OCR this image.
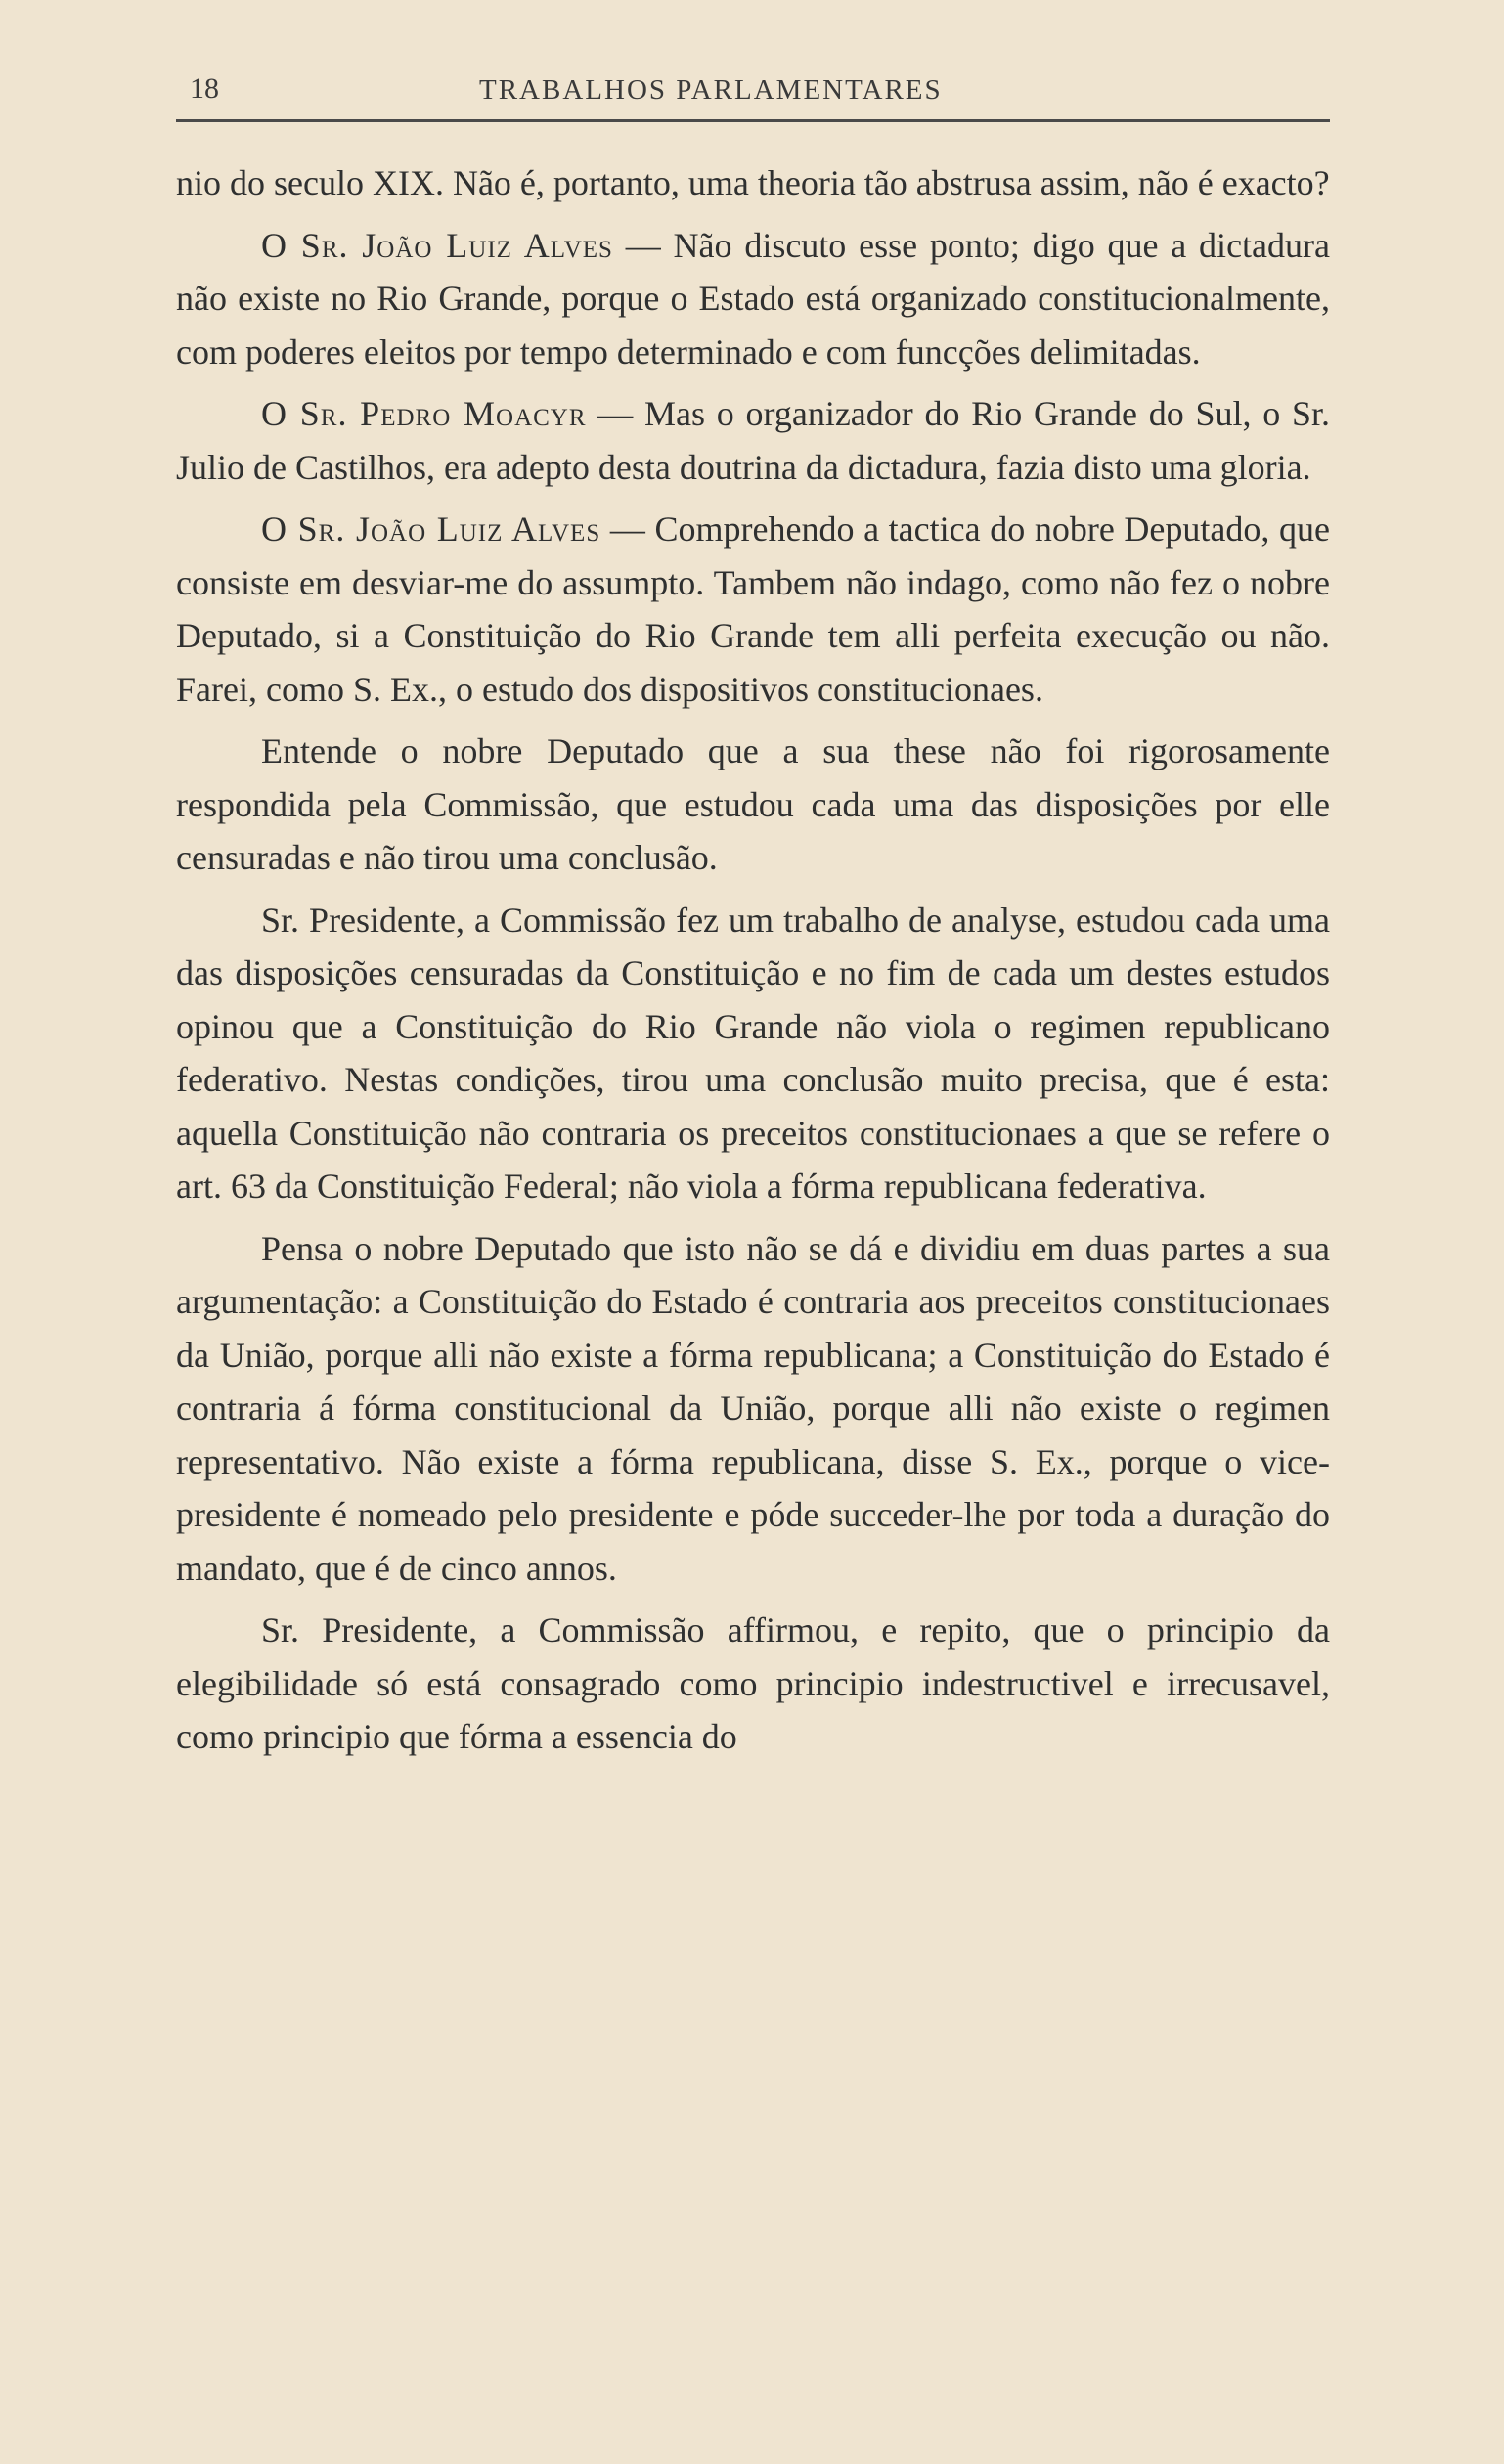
18	TRABALHOS PARLAMENTARES

nio do seculo XIX. Não é, portanto, uma theoria tão abstrusa assim, não é exacto?

O Sr. João Luiz Alves — Não discuto esse ponto; digo que a dictadura não existe no Rio Grande, porque o Estado está organizado constitucionalmente, com poderes eleitos por tempo determinado e com funcções delimitadas.

O Sr. Pedro Moacyr — Mas o organizador do Rio Grande do Sul, o Sr. Julio de Castilhos, era adepto desta doutrina da dictadura, fazia disto uma gloria.

O Sr. João Luiz Alves — Comprehendo a tactica do nobre Deputado, que consiste em desviar-me do assumpto. Tambem não indago, como não fez o nobre Deputado, si a Constituição do Rio Grande tem alli perfeita execução ou não. Farei, como S. Ex., o estudo dos dispositivos constitucionaes.

Entende o nobre Deputado que a sua these não foi rigorosamente respondida pela Commissão, que estudou cada uma das disposições por elle censuradas e não tirou uma conclusão.

Sr. Presidente, a Commissão fez um trabalho de analyse, estudou cada uma das disposições censuradas da Constituição e no fim de cada um destes estudos opinou que a Constituição do Rio Grande não viola o regimen republicano federativo. Nestas condições, tirou uma conclusão muito precisa, que é esta: aquella Constituição não contraria os preceitos constitucionaes a que se refere o art. 63 da Constituição Federal; não viola a fórma republicana federativa.

Pensa o nobre Deputado que isto não se dá e dividiu em duas partes a sua argumentação: a Constituição do Estado é contraria aos preceitos constitucionaes da União, porque alli não existe a fórma republicana; a Constituição do Estado é contraria á fórma constitucional da União, porque alli não existe o regimen representativo. Não existe a fórma republicana, disse S. Ex., porque o vice-presidente é nomeado pelo presidente e póde succeder-lhe por toda a duração do mandato, que é de cinco annos.

Sr. Presidente, a Commissão affirmou, e repito, que o principio da elegibilidade só está consagrado como principio indestructivel e irrecusavel, como principio que fórma a essencia do
